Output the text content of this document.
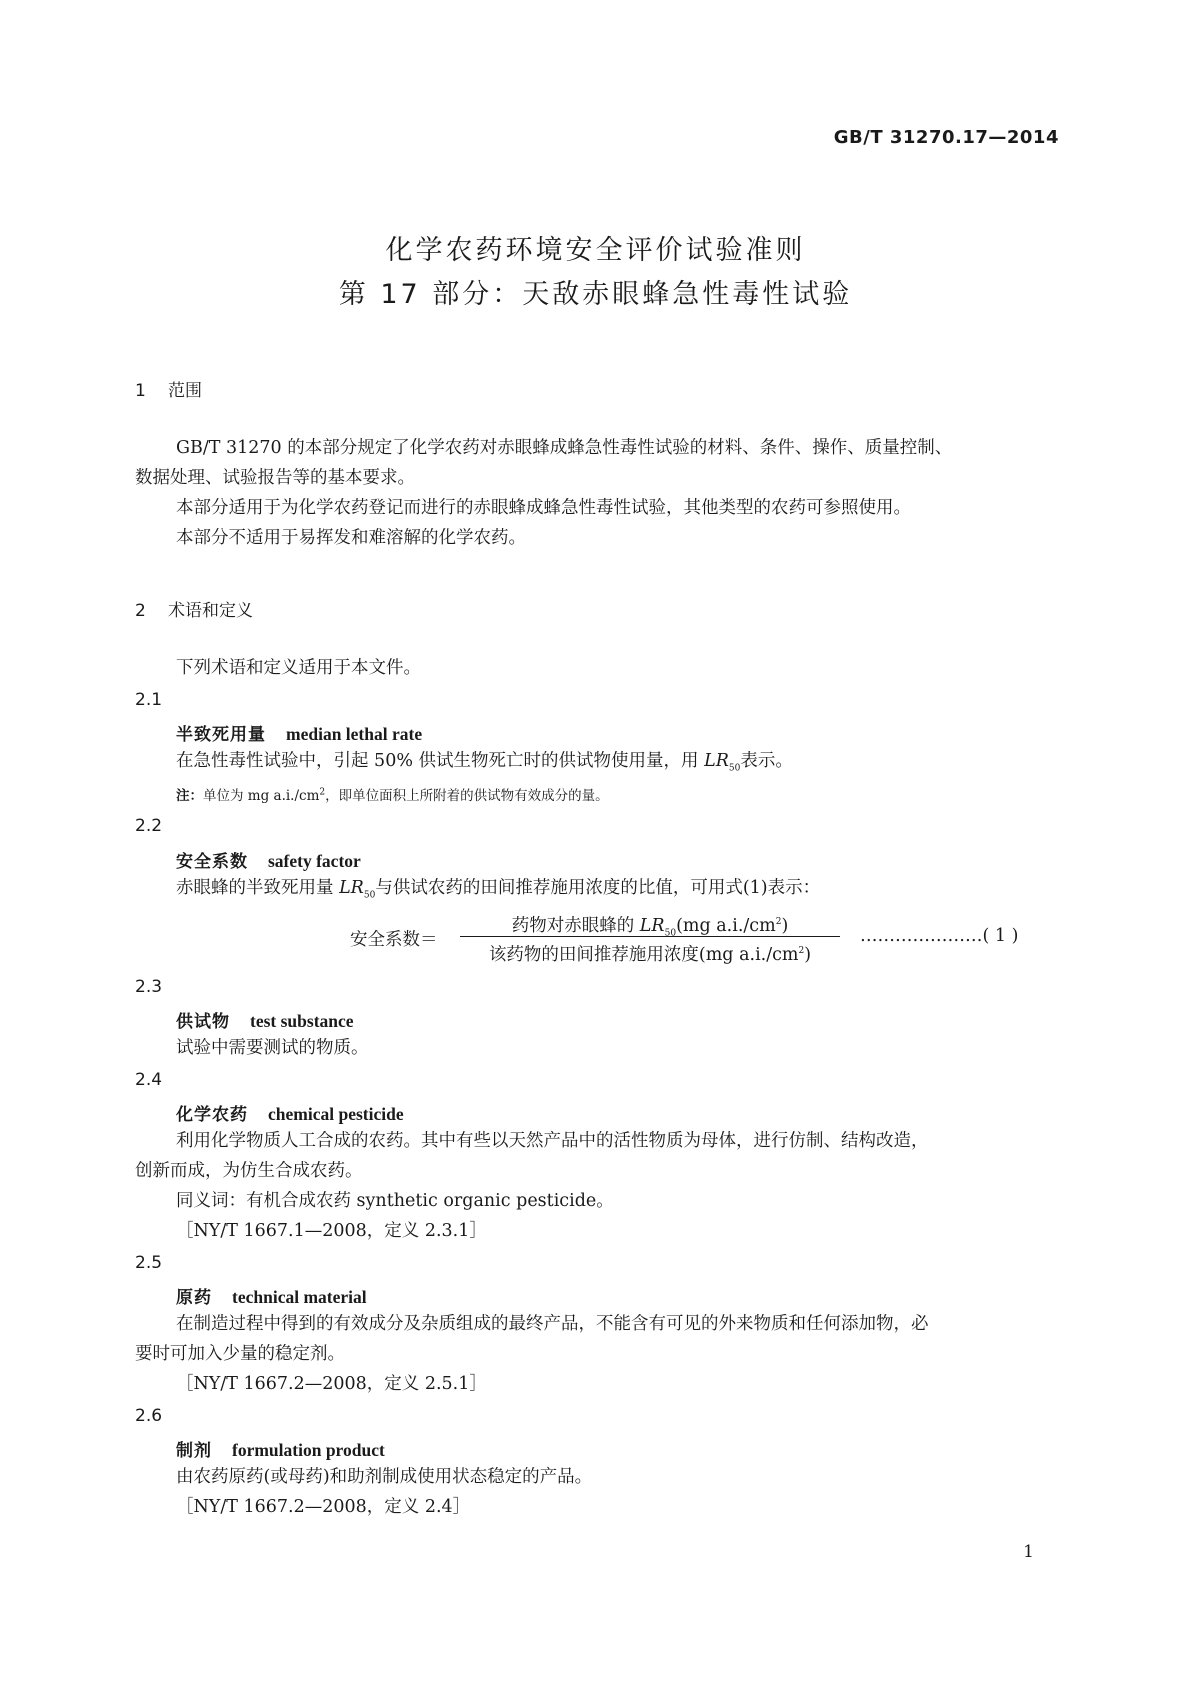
GB/T 31270.17—2014
化学农药环境安全评价试验准则
第 17 部分：天敌赤眼蜂急性毒性试验
1 范围
GB/T 31270 的本部分规定了化学农药对赤眼蜂成蜂急性毒性试验的材料、条件、操作、质量控制、
数据处理、试验报告等的基本要求。
本部分适用于为化学农药登记而进行的赤眼蜂成蜂急性毒性试验，其他类型的农药可参照使用。
本部分不适用于易挥发和难溶解的化学农药。
2 术语和定义
下列术语和定义适用于本文件。
2.1
半致死用量 median lethal rate
在急性毒性试验中，引起 50% 供试生物死亡时的供试物使用量，用 $LR_{50}$表示。
注：单位为 mg $a.i./cm^2$，即单位面积上所附着的供试物有效成分的量。
2.2
安全系数 safety factor
赤眼蜂的半致死用量 $LR_{50}$与供试农药的田间推荐施用浓度的比值，可用式(1)表示：
安全系数＝
药物对赤眼蜂的 $LR_{50}(mg$ $a.i./cm^2$)
该药物的田间推荐施用浓度(mg $a.i./cm^2$)
…………………( 1 )
2.3
供试物 test substance
试验中需要测试的物质。
2.4
化学农药 chemical pesticide
利用化学物质人工合成的农药。其中有些以天然产品中的活性物质为母体，进行仿制、结构改造，
创新而成，为仿生合成农药。
同义词：有机合成农药 synthetic organic pesticide。
［NY/T 1667.1—2008，定义 2.3.1］
2.5
原药 technical material
在制造过程中得到的有效成分及杂质组成的最终产品，不能含有可见的外来物质和任何添加物，必
要时可加入少量的稳定剂。
［NY/T 1667.2—2008，定义 2.5.1］
2.6
制剂 formulation product
由农药原药(或母药)和助剂制成使用状态稳定的产品。
［NY/T 1667.2—2008，定义 2.4］
1
